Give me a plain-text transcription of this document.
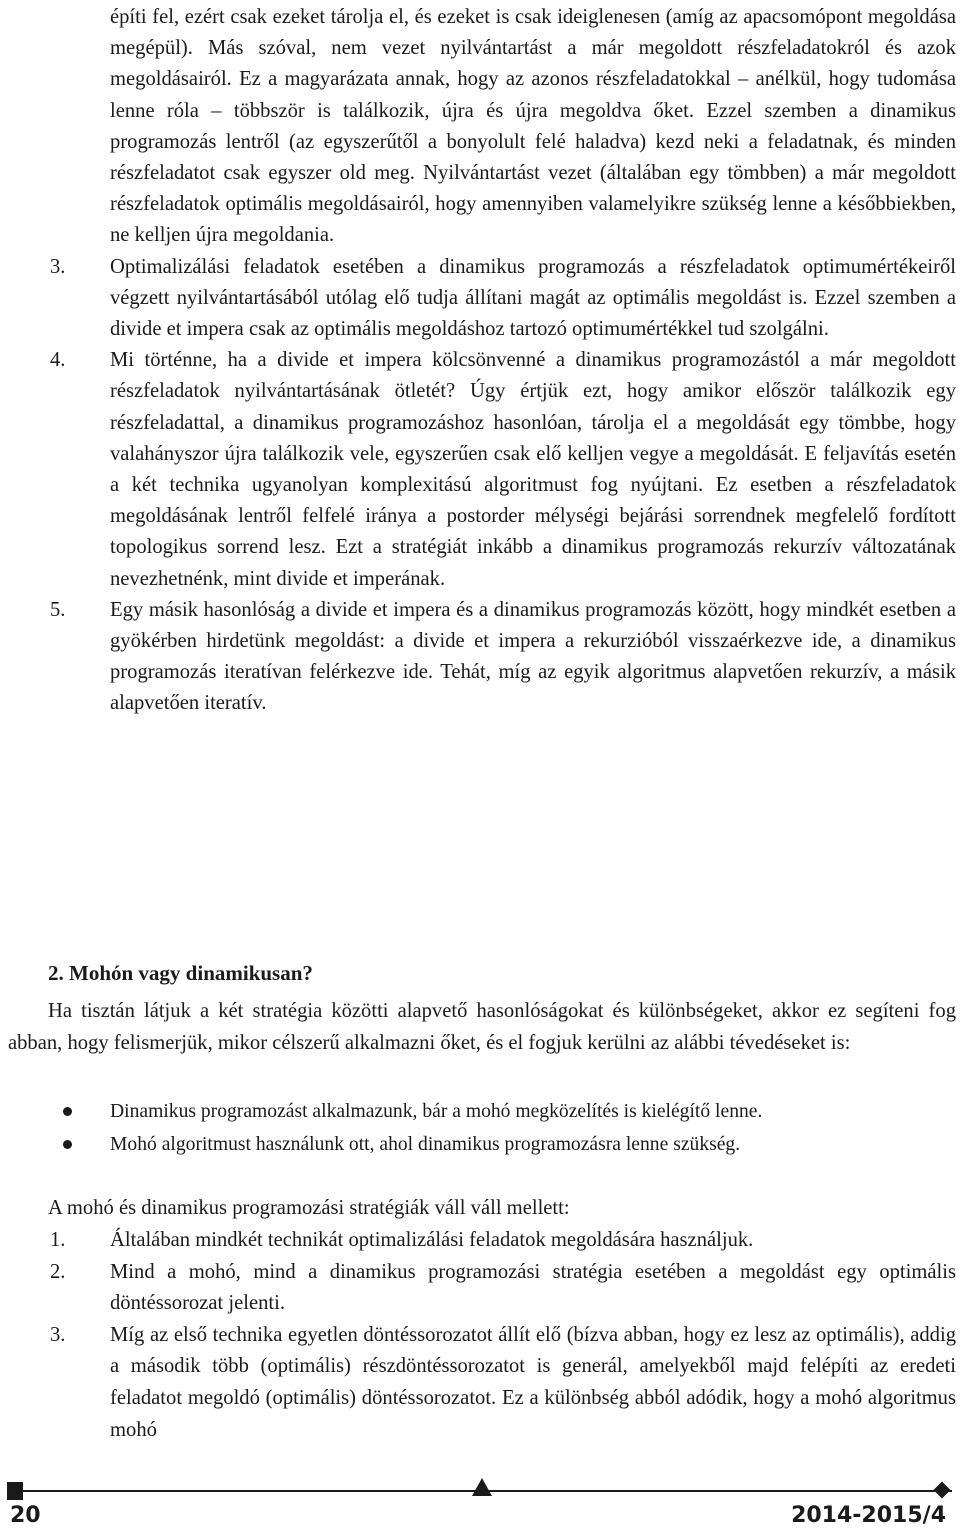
építi fel, ezért csak ezeket tárolja el, és ezeket is csak ideiglenesen (amíg az apacsomópont megoldása megépül). Más szóval, nem vezet nyilvántartást a már megoldott részfeladatokról és azok megoldásairól. Ez a magyarázata annak, hogy az azonos részfeladatokkal – anélkül, hogy tudomása lenne róla – többször is találkozik, újra és újra megoldva őket. Ezzel szemben a dinamikus programozás lentről (az egyszerűtől a bonyolult felé haladva) kezd neki a feladatnak, és minden részfeladatot csak egyszer old meg. Nyilvántartást vezet (általában egy tömbben) a már megoldott részfeladatok optimális megoldásairól, hogy amennyiben valamelyikre szükség lenne a későbbiekben, ne kelljen újra megoldania.
3. Optimalizálási feladatok esetében a dinamikus programozás a részfeladatok optimumértékeiről végzett nyilvántartásából utólag elő tudja állítani magát az optimális megoldást is. Ezzel szemben a divide et impera csak az optimális megoldáshoz tartozó optimumértékkel tud szolgálni.
4. Mi történne, ha a divide et impera kölcsönvenné a dinamikus programozástól a már megoldott részfeladatok nyilvántartásának ötletét? Úgy értjük ezt, hogy amikor először találkozik egy részfeladattal, a dinamikus programozáshoz hasonlóan, tárolja el a megoldását egy tömbbe, hogy valahányszor újra találkozik vele, egyszerűen csak elő kelljen vegye a megoldását. E feljavítás esetén a két technika ugyanolyan komplexitású algoritmust fog nyújtani. Ez esetben a részfeladatok megoldásának lentről felfelé iránya a postorder mélységi bejárási sorrendnek megfelelő fordított topologikus sorrend lesz. Ezt a stratégiát inkább a dinamikus programozás rekurzív változatának nevezhetnénk, mint divide et imperának.
5. Egy másik hasonlóság a divide et impera és a dinamikus programozás között, hogy mindkét esetben a gyökérben hirdetünk megoldást: a divide et impera a rekurzióból visszaérkezve ide, a dinamikus programozás iteratívan felérkezve ide. Tehát, míg az egyik algoritmus alapvetően rekurzív, a másik alapvetően iteratív.
2. Mohón vagy dinamikusan?

Ha tisztán látjuk a két stratégia közötti alapvető hasonlóságokat és különbségeket, akkor ez segíteni fog abban, hogy felismerjük, mikor célszerű alkalmazni őket, és el fogjuk kerülni az alábbi tévedéseket is:

Dinamikus programozást alkalmazunk, bár a mohó megközelítés is kielégítő lenne.
Mohó algoritmust használunk ott, ahol dinamikus programozásra lenne szükség.

A mohó és dinamikus programozási stratégiák váll váll mellett:

1. Általában mindkét technikát optimalizálási feladatok megoldására használjuk.
2. Mind a mohó, mind a dinamikus programozási stratégia esetében a megoldást egy optimális döntéssorozat jelenti.
3. Míg az első technika egyetlen döntéssorozatot állít elő (bízva abban, hogy ez lesz az optimális), addig a második több (optimális) részdöntéssorozatot is generál, amelyekből majd felépíti az eredeti feladatot megoldó (optimális) döntéssorozatot. Ez a különbség abból adódik, hogy a mohó algoritmus mohó
20	2014-2015/4
